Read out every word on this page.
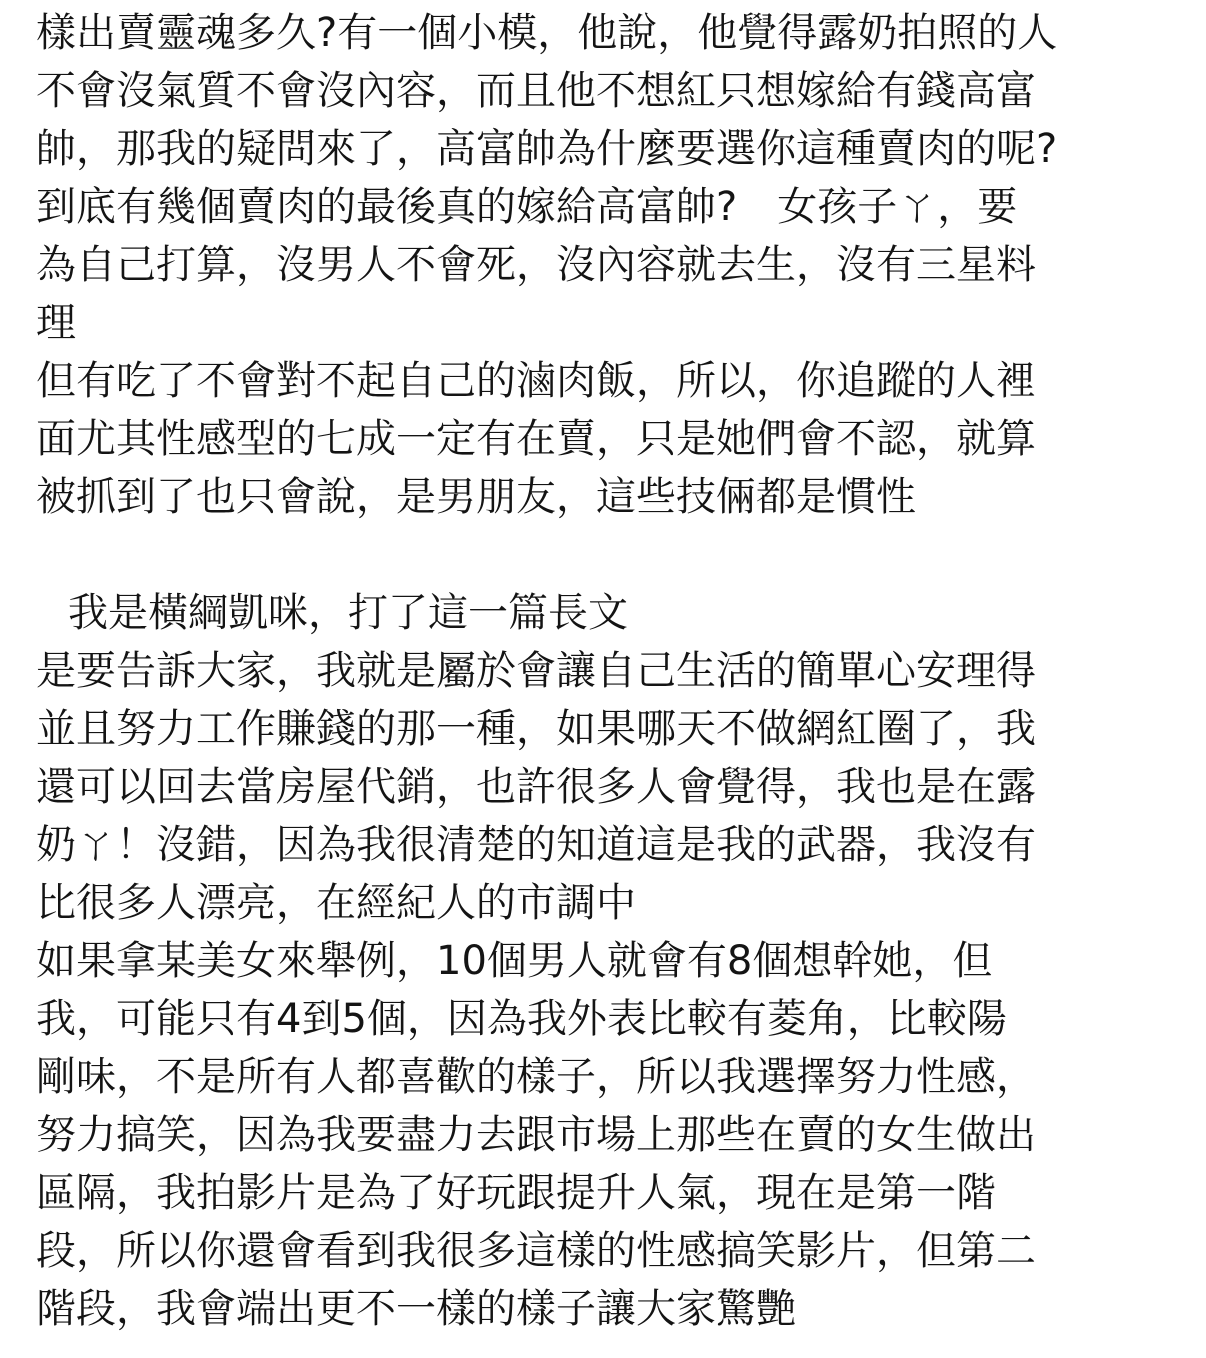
樣出賣靈魂多久?有一個小模，他說，他覺得露奶拍照的人
不會沒氣質不會沒內容，而且他不想紅只想嫁給有錢高富
帥，那我的疑問來了，高富帥為什麼要選你這種賣肉的呢?
到底有幾個賣肉的最後真的嫁給高富帥?　女孩子ㄚ，要
為自己打算，沒男人不會死，沒內容就去生，沒有三星料
理
但有吃了不會對不起自己的滷肉飯，所以，你追蹤的人裡
面尤其性感型的七成一定有在賣，只是她們會不認，就算
被抓到了也只會說，是男朋友，這些技倆都是慣性
我是橫綱凱咪，打了這一篇長文
是要告訴大家，我就是屬於會讓自己生活的簡單心安理得
並且努力工作賺錢的那一種，如果哪天不做網紅圈了，我
還可以回去當房屋代銷，也許很多人會覺得，我也是在露
奶ㄚ！沒錯，因為我很清楚的知道這是我的武器，我沒有
比很多人漂亮，在經紀人的市調中
如果拿某美女來舉例，10個男人就會有8個想幹她，但
我，可能只有4到5個，因為我外表比較有菱角，比較陽
剛味，不是所有人都喜歡的樣子，所以我選擇努力性感，
努力搞笑，因為我要盡力去跟市場上那些在賣的女生做出
區隔，我拍影片是為了好玩跟提升人氣，現在是第一階
段，所以你還會看到我很多這樣的性感搞笑影片，但第二
階段，我會端出更不一樣的樣子讓大家驚艷
